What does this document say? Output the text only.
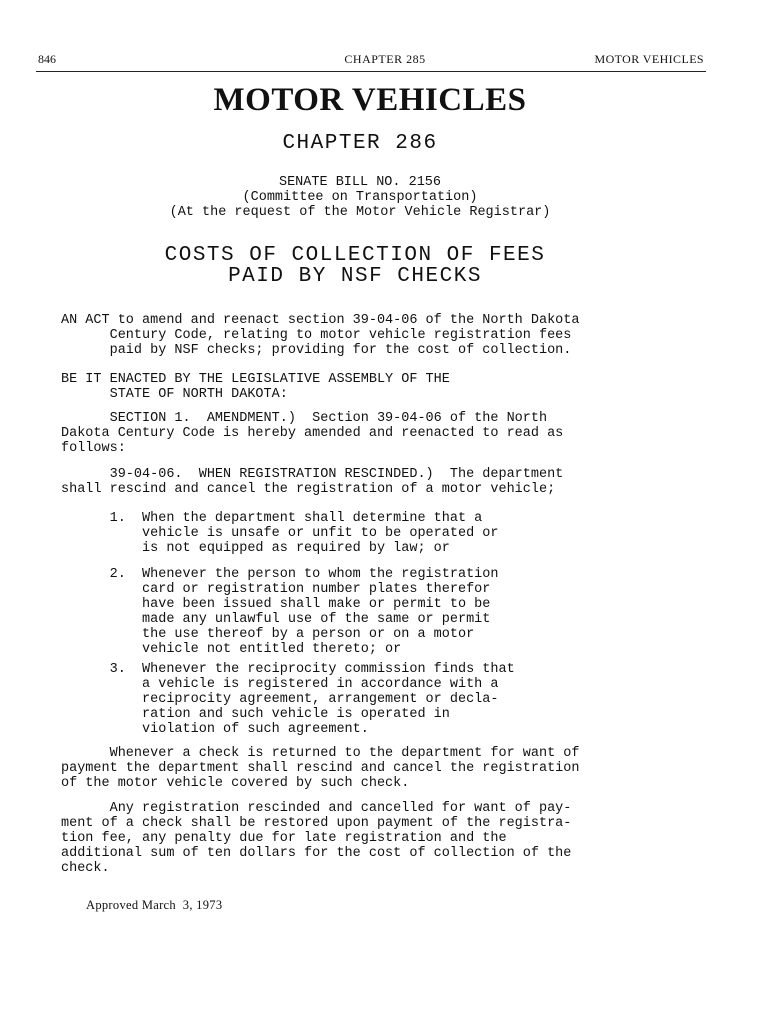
846	CHAPTER 285	MOTOR VEHICLES
MOTOR VEHICLES
CHAPTER 286
SENATE BILL NO. 2156
(Committee on Transportation)
(At the request of the Motor Vehicle Registrar)
COSTS OF COLLECTION OF FEES
PAID BY NSF CHECKS
AN ACT to amend and reenact section 39-04-06 of the North Dakota
Century Code, relating to motor vehicle registration fees
paid by NSF checks; providing for the cost of collection.
BE IT ENACTED BY THE LEGISLATIVE ASSEMBLY OF THE
STATE OF NORTH DAKOTA:
SECTION 1.  AMENDMENT.)  Section 39-04-06 of the North
Dakota Century Code is hereby amended and reenacted to read as
follows:
39-04-06.  WHEN REGISTRATION RESCINDED.)  The department
shall rescind and cancel the registration of a motor vehicle;
1.  When the department shall determine that a
vehicle is unsafe or unfit to be operated or
is not equipped as required by law; or
2.  Whenever the person to whom the registration
card or registration number plates therefor
have been issued shall make or permit to be
made any unlawful use of the same or permit
the use thereof by a person or on a motor
vehicle not entitled thereto; or
3.  Whenever the reciprocity commission finds that
a vehicle is registered in accordance with a
reciprocity agreement, arrangement or decla-
ration and such vehicle is operated in
violation of such agreement.
Whenever a check is returned to the department for want of
payment the department shall rescind and cancel the registration
of the motor vehicle covered by such check.
Any registration rescinded and cancelled for want of pay-
ment of a check shall be restored upon payment of the registra-
tion fee, any penalty due for late registration and the
additional sum of ten dollars for the cost of collection of the
check.
Approved March  3, 1973
